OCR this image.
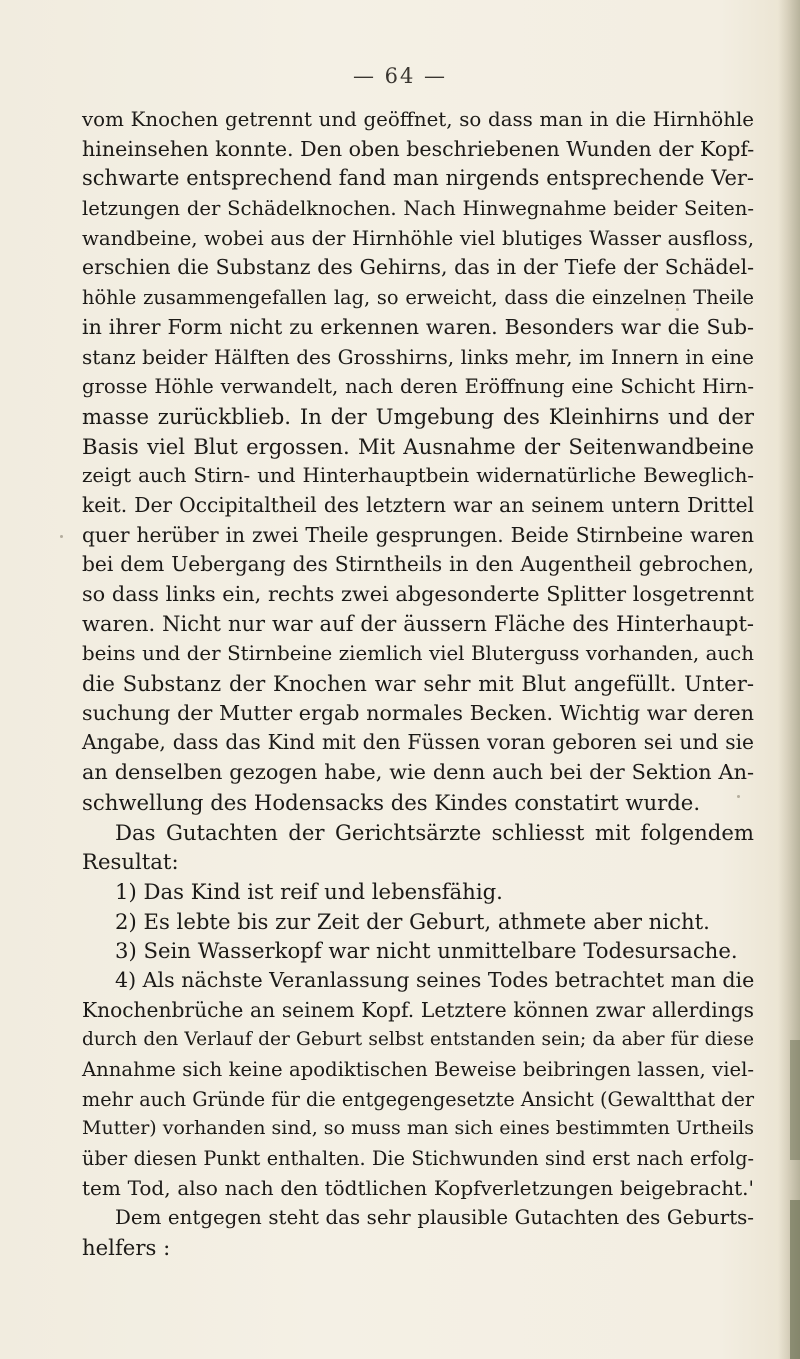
— 64 —
vom Knochen getrennt und geöffnet, so dass man in die Hirnhöhle
hineinsehen konnte. Den oben beschriebenen Wunden der Kopf-
schwarte entsprechend fand man nirgends entsprechende Ver-
letzungen der Schädelknochen. Nach Hinwegnahme beider Seiten-
wandbeine, wobei aus der Hirnhöhle viel blutiges Wasser ausfloss,
erschien die Substanz des Gehirns, das in der Tiefe der Schädel-
höhle zusammengefallen lag, so erweicht, dass die einzelnen Theile
in ihrer Form nicht zu erkennen waren. Besonders war die Sub-
stanz beider Hälften des Grosshirns, links mehr, im Innern in eine
grosse Höhle verwandelt, nach deren Eröffnung eine Schicht Hirn-
masse zurückblieb. In der Umgebung des Kleinhirns und der
Basis viel Blut ergossen. Mit Ausnahme der Seitenwandbeine
zeigt auch Stirn- und Hinterhauptbein widernatürliche Beweglich-
keit. Der Occipitaltheil des letztern war an seinem untern Drittel
quer herüber in zwei Theile gesprungen. Beide Stirnbeine waren
bei dem Uebergang des Stirntheils in den Augentheil gebrochen,
so dass links ein, rechts zwei abgesonderte Splitter losgetrennt
waren. Nicht nur war auf der äussern Fläche des Hinterhaupt-
beins und der Stirnbeine ziemlich viel Bluterguss vorhanden, auch
die Substanz der Knochen war sehr mit Blut angefüllt. Unter-
suchung der Mutter ergab normales Becken. Wichtig war deren
Angabe, dass das Kind mit den Füssen voran geboren sei und sie
an denselben gezogen habe, wie denn auch bei der Sektion An-
schwellung des Hodensacks des Kindes constatirt wurde.
Das Gutachten der Gerichtsärzte schliesst mit folgendem
Resultat:
1) Das Kind ist reif und lebensfähig.
2) Es lebte bis zur Zeit der Geburt, athmete aber nicht.
3) Sein Wasserkopf war nicht unmittelbare Todesursache.
4) Als nächste Veranlassung seines Todes betrachtet man die
Knochenbrüche an seinem Kopf. Letztere können zwar allerdings
durch den Verlauf der Geburt selbst entstanden sein; da aber für diese
Annahme sich keine apodiktischen Beweise beibringen lassen, viel-
mehr auch Gründe für die entgegengesetzte Ansicht (Gewaltthat der
Mutter) vorhanden sind, so muss man sich eines bestimmten Urtheils
über diesen Punkt enthalten. Die Stichwunden sind erst nach erfolg-
tem Tod, also nach den tödtlichen Kopfverletzungen beigebracht.'
Dem entgegen steht das sehr plausible Gutachten des Geburts-
helfers :
